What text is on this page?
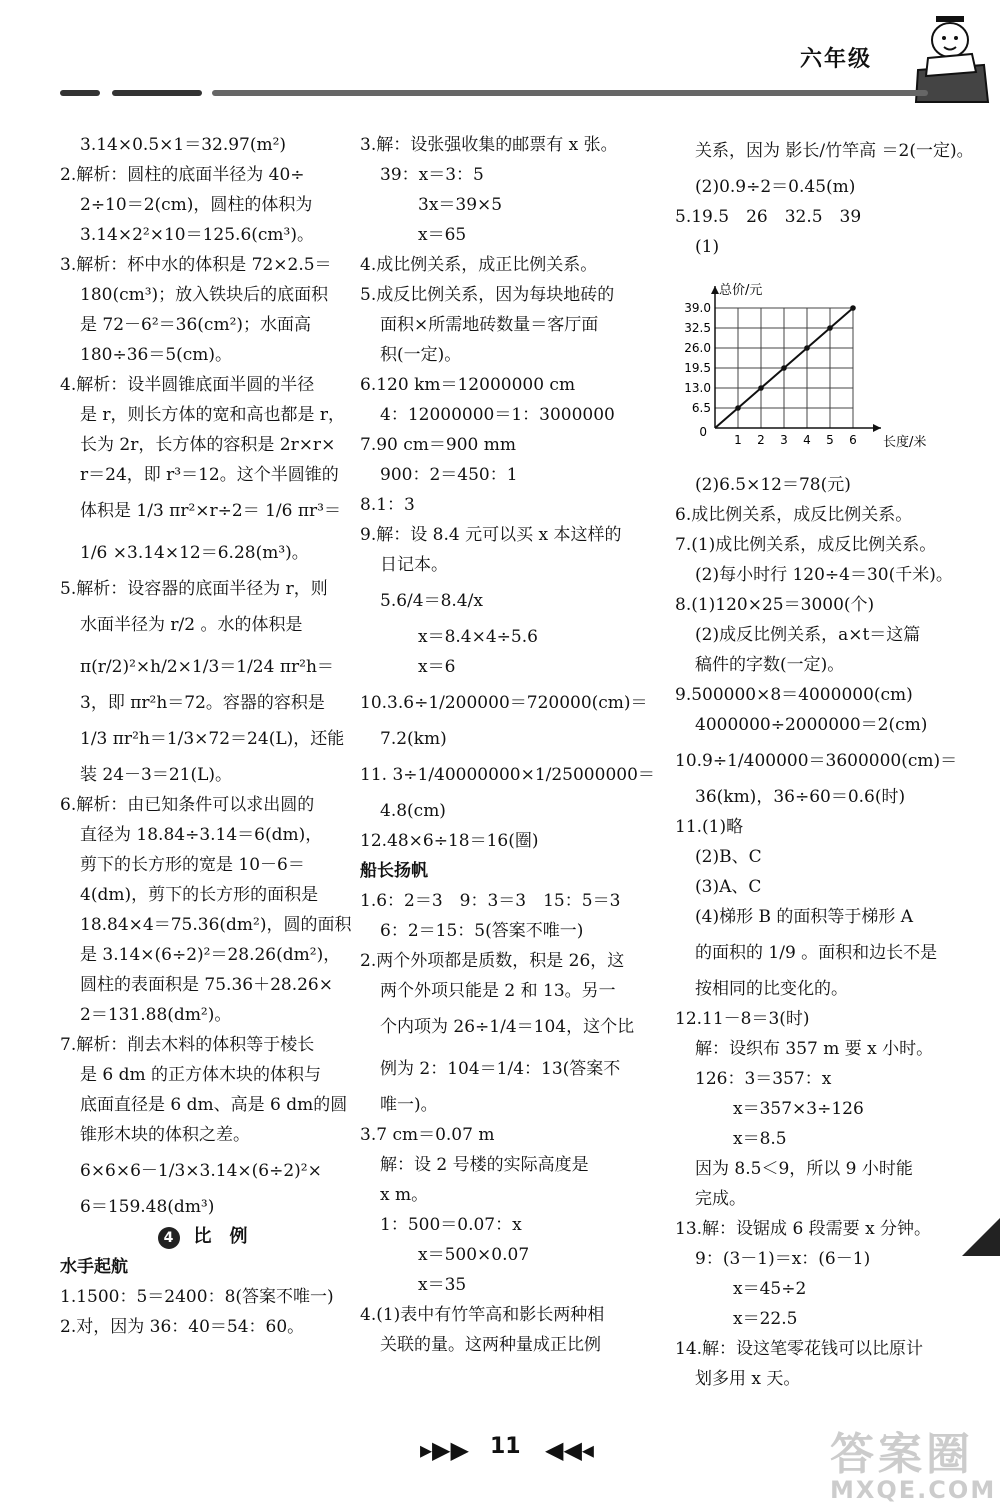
六年级

3.14×0.5×1＝32.97(m²)

2.解析：圆柱的底面半径为 40÷

2÷10＝2(cm)，圆柱的体积为

3.14×2²×10＝125.6(cm³)。

3.解析：杯中水的体积是 72×2.5＝

180(cm³)；放入铁块后的底面积

是 72－6²＝36(cm²)；水面高

180÷36＝5(cm)。

4.解析：设半圆锥底面半圆的半径

是 r，则长方体的宽和高也都是 r，

长为 2r，长方体的容积是 2r×r×

r＝24，即 r³＝12。这个半圆锥的

体积是 1/3 πr²×r÷2＝ 1/6 πr³＝

1/6 ×3.14×12＝6.28(m³)。

5.解析：设容器的底面半径为 r，则

水面半径为 r/2 。水的体积是

π(r/2)²×h/2×1/3＝1/24 πr²h＝

3，即 πr²h＝72。容器的容积是

1/3 πr²h＝1/3×72＝24(L)，还能

装 24－3＝21(L)。

6.解析：由已知条件可以求出圆的

直径为 18.84÷3.14＝6(dm)，

剪下的长方形的宽是 10－6＝

4(dm)，剪下的长方形的面积是

18.84×4＝75.36(dm²)，圆的面积

是 3.14×(6÷2)²＝28.26(dm²)，

圆柱的表面积是 75.36＋28.26×

2＝131.88(dm²)。

7.解析：削去木料的体积等于棱长

是 6 dm 的正方体木块的体积与

底面直径是 6 dm、高是 6 dm的圆

锥形木块的体积之差。

6×6×6－1/3×3.14×(6÷2)²×

6＝159.48(dm³)

4 比　例

水手起航

1.1500：5＝2400：8(答案不唯一)

2.对，因为 36：40＝54：60。

3.解：设张强收集的邮票有 x 张。

39：x＝3：5

3x＝39×5

x＝65

4.成比例关系，成正比例关系。

5.成反比例关系，因为每块地砖的

面积×所需地砖数量＝客厅面

积(一定)。

6.120 km＝12000000 cm

4：12000000＝1：3000000

7.90 cm＝900 mm

900：2＝450：1

8.1：3

9.解：设 8.4 元可以买 x 本这样的

日记本。

5.6/4＝8.4/x

x＝8.4×4÷5.6

x＝6

10.3.6÷1/200000＝720000(cm)＝

7.2(km)

11. 3÷1/40000000×1/25000000＝

4.8(cm)

12.48×6÷18＝16(圈)

船长扬帆

1.6：2＝3　9：3＝3　15：5＝3

6：2＝15：5(答案不唯一)

2.两个外项都是质数，积是 26，这

两个外项只能是 2 和 13。另一

个内项为 26÷1/4＝104，这个比

例为 2：104＝1/4：13(答案不

唯一)。

3.7 cm＝0.07 m

解：设 2 号楼的实际高度是

x m。

1：500＝0.07：x

x＝500×0.07

x＝35

4.(1)表中有竹竿高和影长两种相

关联的量。这两种量成正比例

关系，因为 影长/竹竿高 ＝2(一定)。

(2)0.9÷2＝0.45(m)

5.19.5　26　32.5　39

(1)

(2)6.5×12＝78(元)

6.成比例关系，成反比例关系。

7.(1)成比例关系，成反比例关系。

(2)每小时行 120÷4＝30(千米)。

8.(1)120×25＝3000(个)

(2)成反比例关系，a×t＝这篇

稿件的字数(一定)。

9.500000×8＝4000000(cm)

4000000÷2000000＝2(cm)

10.9÷1/400000＝3600000(cm)＝

36(km)，36÷60＝0.6(时)

11.(1)略

(2)B、C

(3)A、C

(4)梯形 B 的面积等于梯形 A

的面积的 1/9 。面积和边长不是

按相同的比变化的。

12.11－8＝3(时)

解：设织布 357 m 要 x 小时。

126：3＝357：x

x＝357×3÷126

x＝8.5

因为 8.5＜9，所以 9 小时能

完成。

13.解：设锯成 6 段需要 x 分钟。

9：(3－1)＝x：(6－1)

x＝45÷2

x＝22.5

14.解：设这笔零花钱可以比原计

划多用 x 天。

0
1 2 3 4 5 6
6.5
13.0
19.5
26.0
32.5
39.0
总价/元
长度/米
▸▶▶ 11 ◀◀◂	答案圈
MXQE.COM
